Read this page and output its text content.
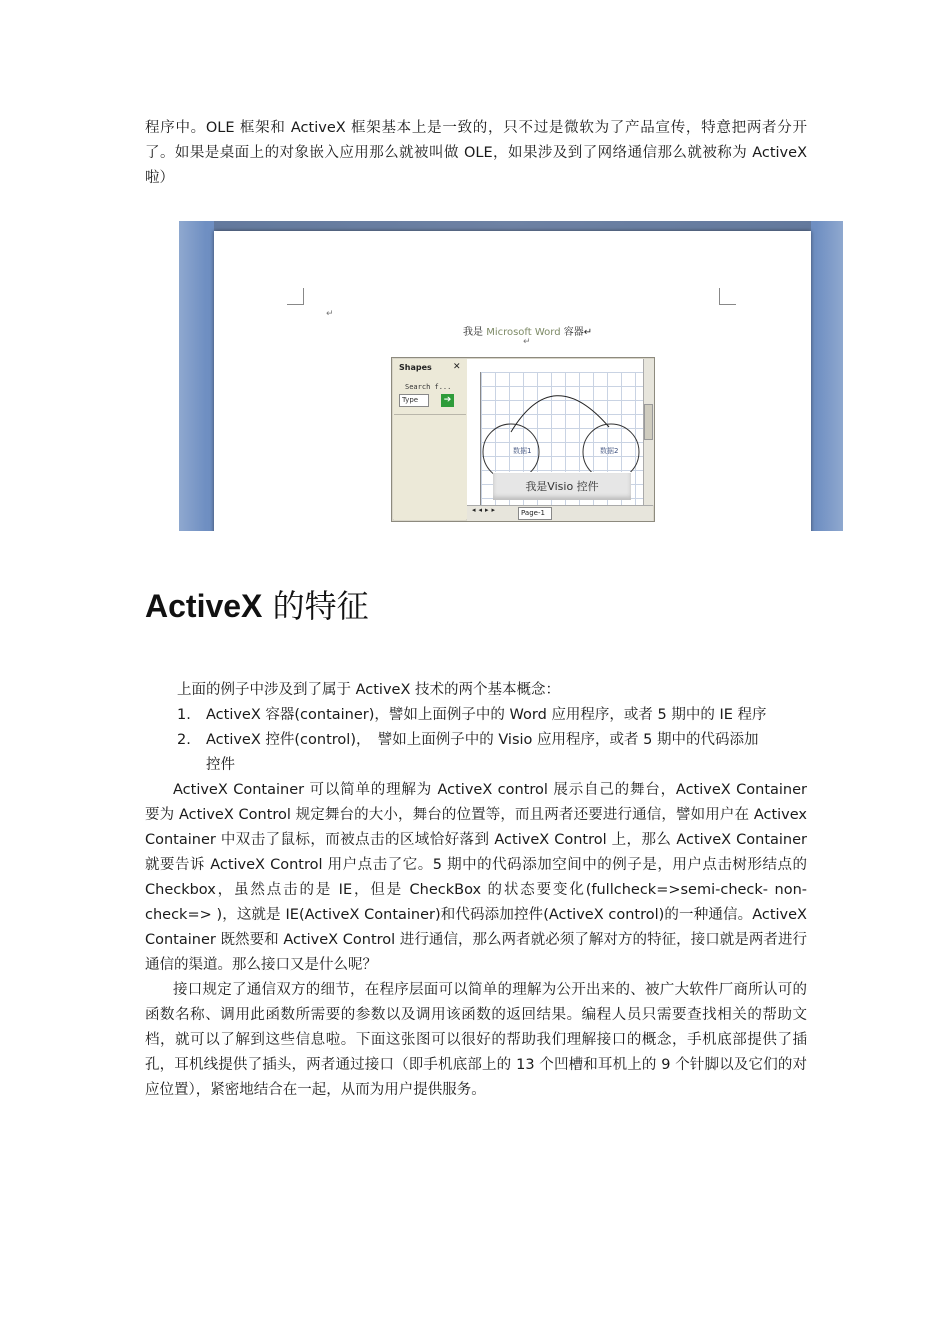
程序中。OLE 框架和 ActiveX 框架基本上是一致的，只不过是微软为了产品宣传，特意把两者分开了。如果是桌面上的对象嵌入应用那么就被叫做 OLE，如果涉及到了网络通信那么就被称为 ActiveX 啦）

↵
我是 Microsoft Word 容器↵
↵
Shapes ✕
Search f...
Type	➔
数据1	数据2
我是Visio 控件
◂◂▸▸	Page-1
ActiveX 的特征

上面的例子中涉及到了属于 ActiveX 技术的两个基本概念：

1. ActiveX 容器(container)，譬如上面例子中的 Word 应用程序，或者 5 期中的 IE 程序
2. ActiveX 控件(control)，　譬如上面例子中的 Visio 应用程序，或者 5 期中的代码添加

控件

ActiveX Container 可以简单的理解为 ActiveX control 展示自己的舞台，ActiveX Container 要为 ActiveX Control 规定舞台的大小，舞台的位置等，而且两者还要进行通信，譬如用户在 Activex Container 中双击了鼠标，而被点击的区域恰好落到 ActiveX Control 上，那么 ActiveX Container 就要告诉 ActiveX Control 用户点击了它。5 期中的代码添加空间中的例子是，用户点击树形结点的 Checkbox，虽然点击的是 IE，但是 CheckBox 的状态要变化(fullcheck=>semi-check- non-check=> )，这就是 IE(ActiveX Container)和代码添加控件(ActiveX control)的一种通信。ActiveX Container 既然要和 ActiveX Control 进行通信，那么两者就必须了解对方的特征，接口就是两者进行通信的渠道。那么接口又是什么呢？

接口规定了通信双方的细节，在程序层面可以简单的理解为公开出来的、被广大软件厂商所认可的函数名称、调用此函数所需要的参数以及调用该函数的返回结果。编程人员只需要查找相关的帮助文档，就可以了解到这些信息啦。下面这张图可以很好的帮助我们理解接口的概念，手机底部提供了插孔，耳机线提供了插头，两者通过接口（即手机底部上的 13 个凹槽和耳机上的 9 个针脚以及它们的对应位置），紧密地结合在一起，从而为用户提供服务。
